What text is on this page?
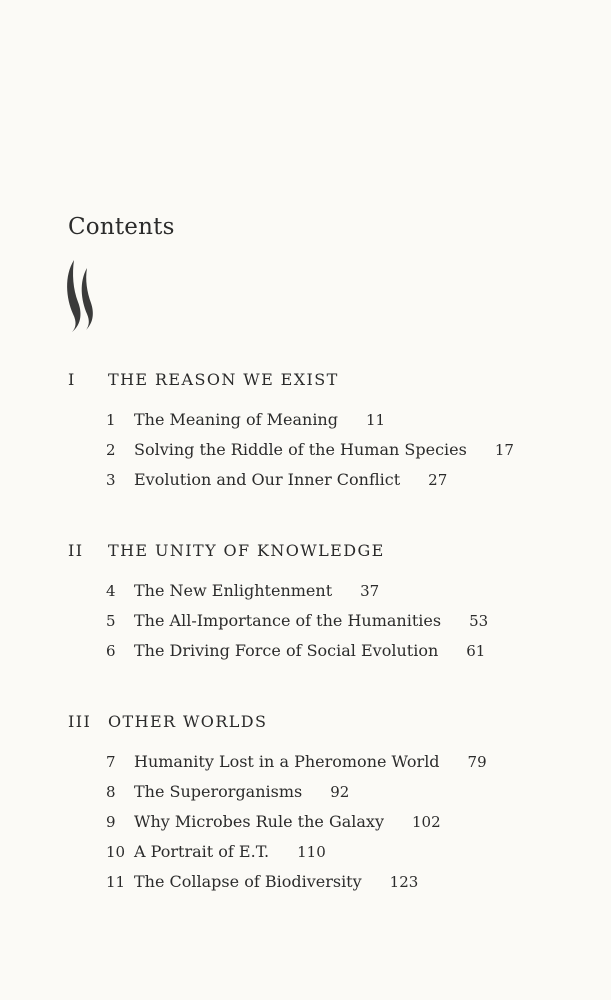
Contents
I	THE REASON WE EXIST
1	The Meaning of Meaning 11
2	Solving the Riddle of the Human Species 17
3	Evolution and Our Inner Conflict 27
II	THE UNITY OF KNOWLEDGE
4	The New Enlightenment 37
5	The All-Importance of the Humanities 53
6	The Driving Force of Social Evolution 61
III	OTHER WORLDS
7	Humanity Lost in a Pheromone World 79
8	The Superorganisms 92
9	Why Microbes Rule the Galaxy 102
10 A Portrait of E.T. 110
11 The Collapse of Biodiversity 123
